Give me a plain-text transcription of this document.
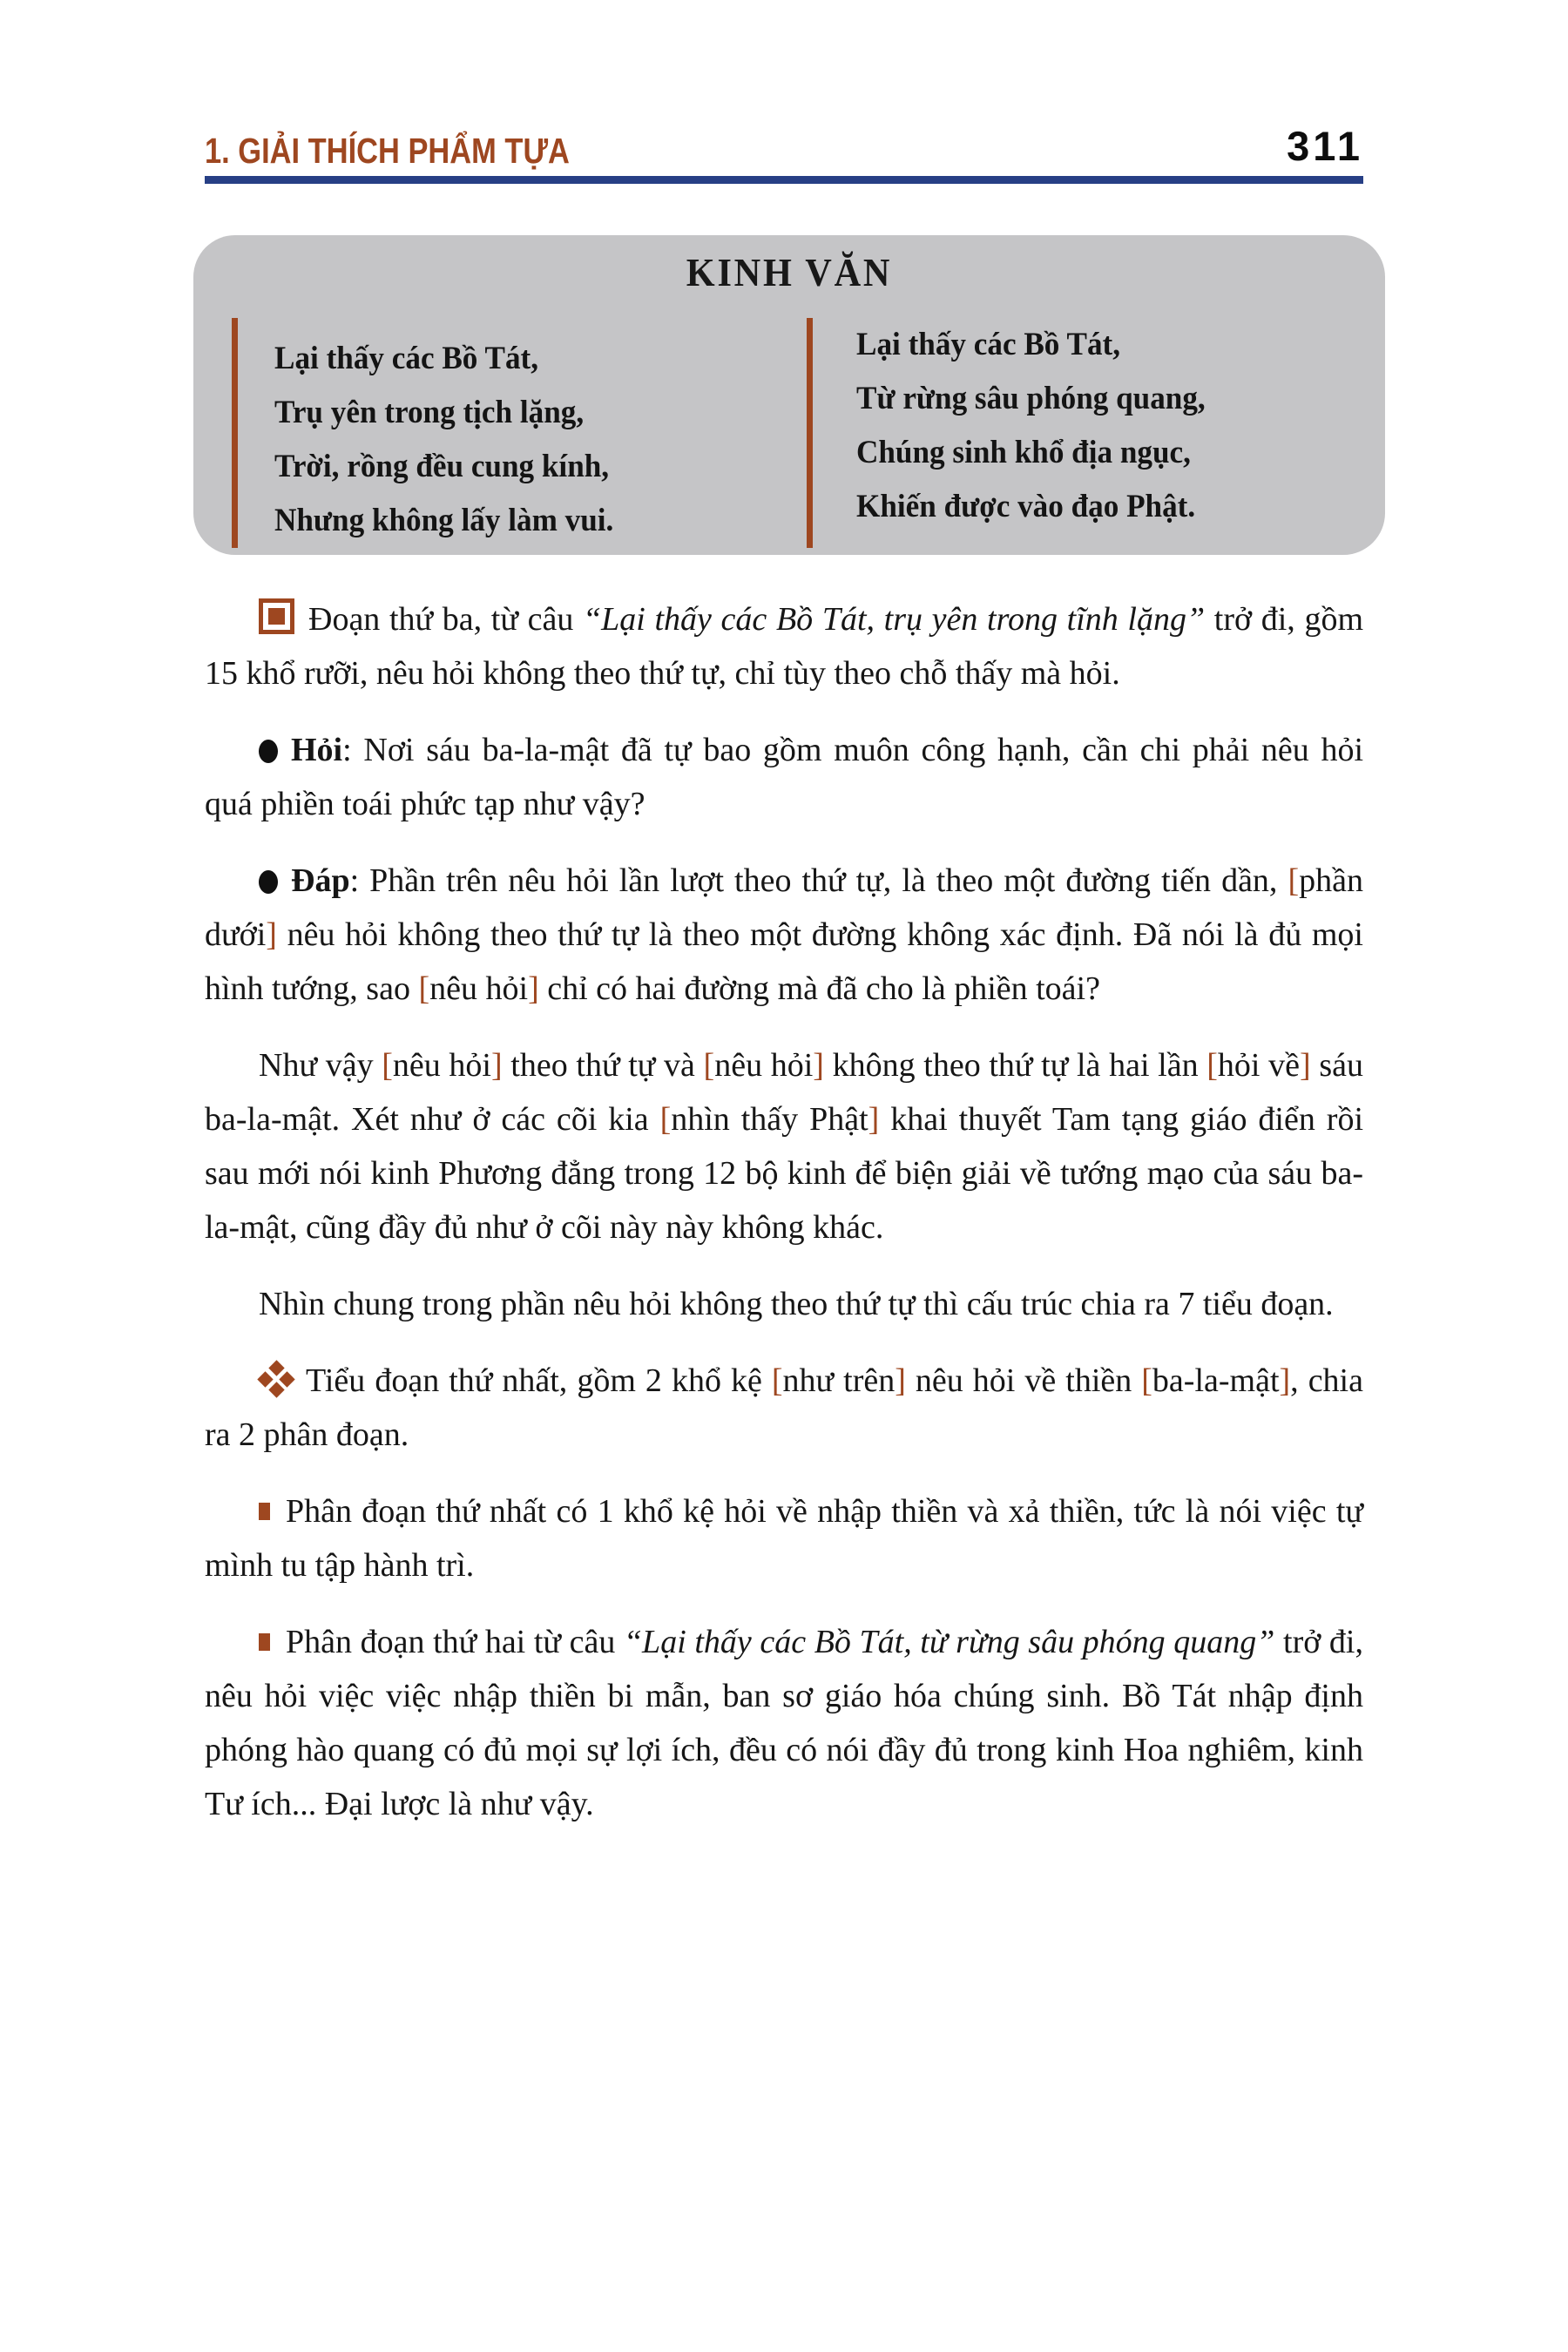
1. GIẢI THÍCH PHẨM TỰA	311
KINH VĂN
Lại thấy các Bồ Tát,
Trụ yên trong tịch lặng,
Trời, rồng đều cung kính,
Nhưng không lấy làm vui.
Lại thấy các Bồ Tát,
Từ rừng sâu phóng quang,
Chúng sinh khổ địa ngục,
Khiến được vào đạo Phật.

Đoạn thứ ba, từ câu “Lại thấy các Bồ Tát, trụ yên trong tĩnh lặng” trở đi, gồm 15 khổ rưỡi, nêu hỏi không theo thứ tự, chỉ tùy theo chỗ thấy mà hỏi.

Hỏi: Nơi sáu ba-la-mật đã tự bao gồm muôn công hạnh, cần chi phải nêu hỏi quá phiền toái phức tạp như vậy?

Đáp: Phần trên nêu hỏi lần lượt theo thứ tự, là theo một đường tiến dần, [phần dưới] nêu hỏi không theo thứ tự là theo một đường không xác định. Đã nói là đủ mọi hình tướng, sao [nêu hỏi] chỉ có hai đường mà đã cho là phiền toái?

Như vậy [nêu hỏi] theo thứ tự và [nêu hỏi] không theo thứ tự là hai lần [hỏi về] sáu ba-la-mật. Xét như ở các cõi kia [nhìn thấy Phật] khai thuyết Tam tạng giáo điển rồi sau mới nói kinh Phương đẳng trong 12 bộ kinh để biện giải về tướng mạo của sáu ba-la-mật, cũng đầy đủ như ở cõi này này không khác.

Nhìn chung trong phần nêu hỏi không theo thứ tự thì cấu trúc chia ra 7 tiểu đoạn.

Tiểu đoạn thứ nhất, gồm 2 khổ kệ [như trên] nêu hỏi về thiền [ba-la-mật], chia ra 2 phân đoạn.

Phân đoạn thứ nhất có 1 khổ kệ hỏi về nhập thiền và xả thiền, tức là nói việc tự mình tu tập hành trì.

Phân đoạn thứ hai từ câu “Lại thấy các Bồ Tát, từ rừng sâu phóng quang” trở đi, nêu hỏi việc việc nhập thiền bi mẫn, ban sơ giáo hóa chúng sinh. Bồ Tát nhập định phóng hào quang có đủ mọi sự lợi ích, đều có nói đầy đủ trong kinh Hoa nghiêm, kinh Tư ích... Đại lược là như vậy.
